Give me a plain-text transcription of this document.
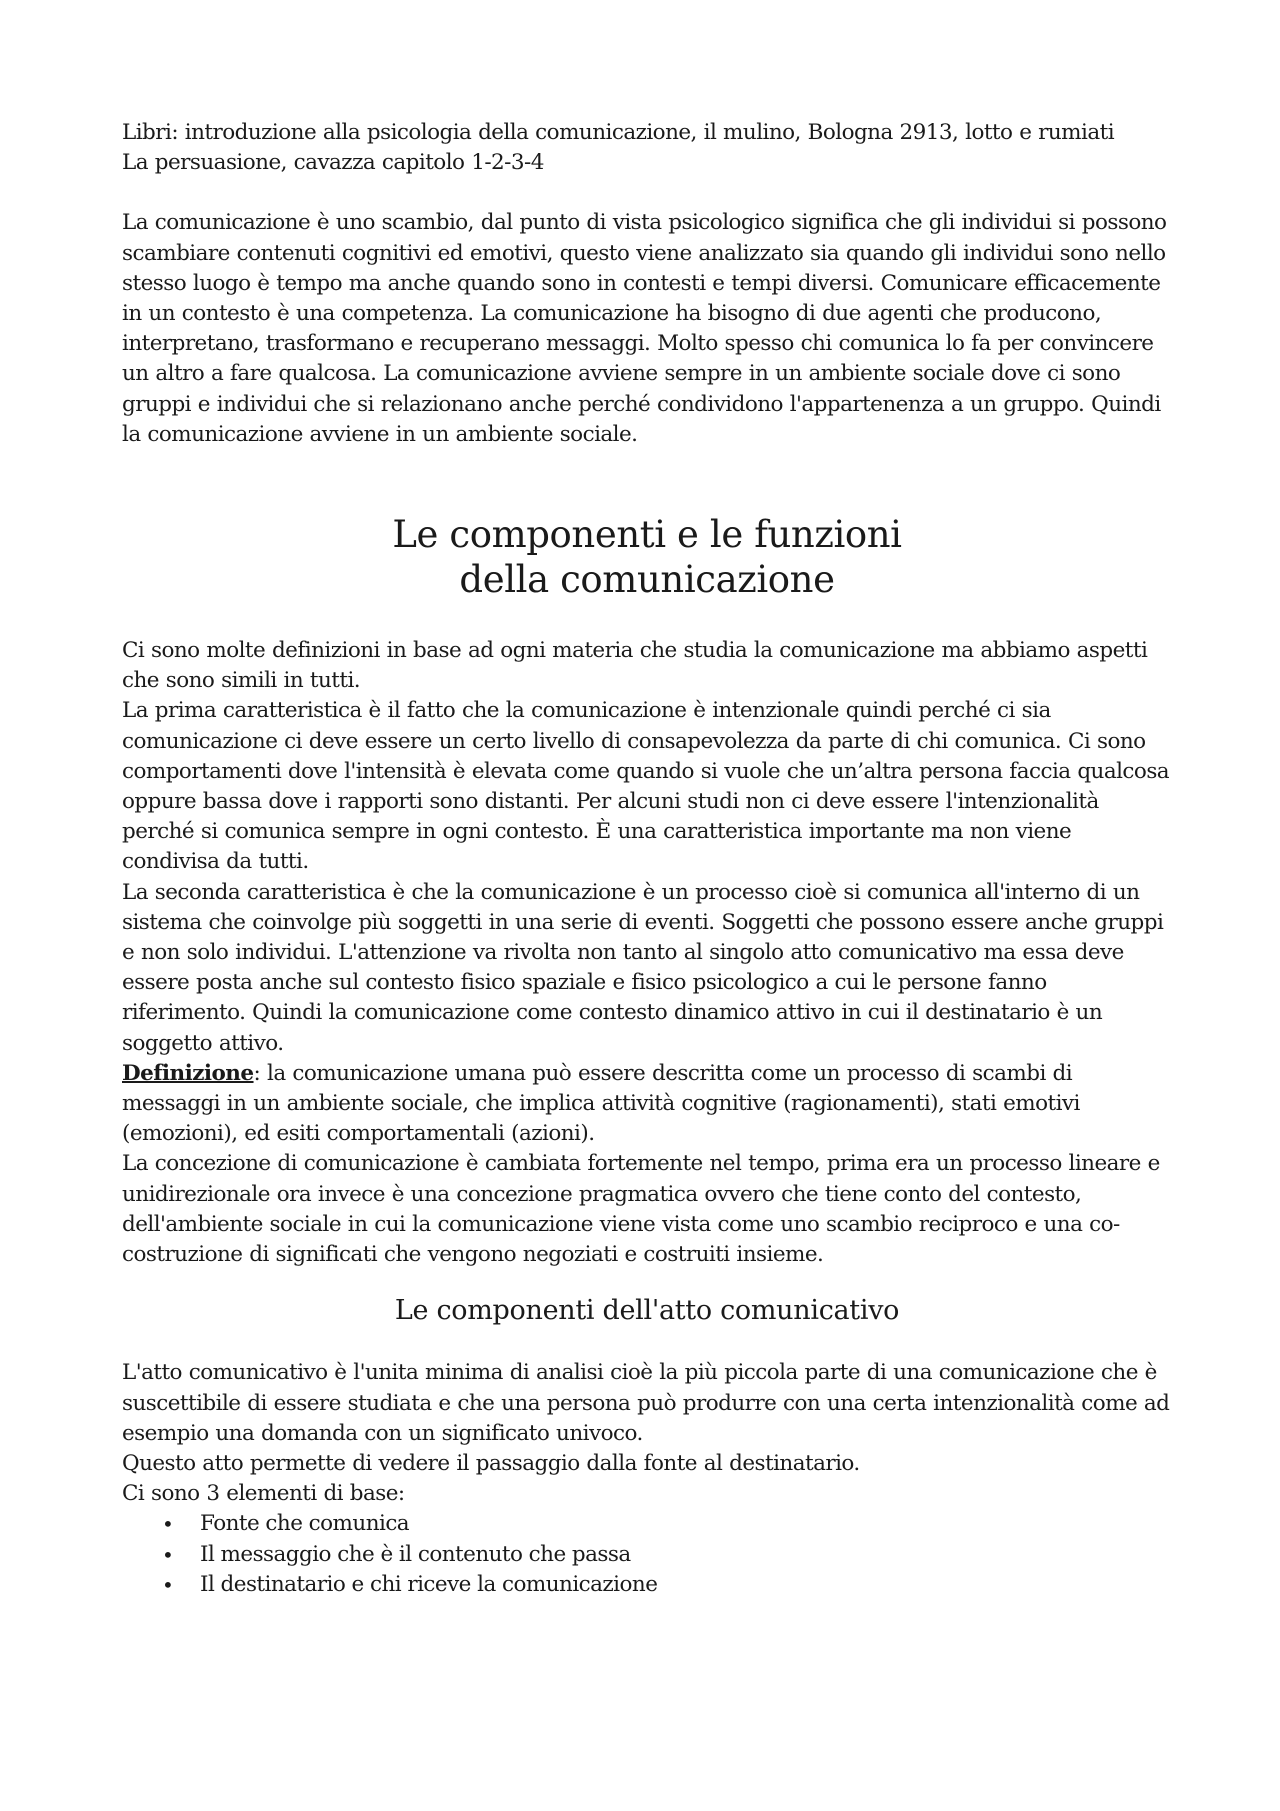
Libri: introduzione alla psicologia della comunicazione, il mulino, Bologna 2913, lotto e rumiati

La persuasione, cavazza capitolo 1-2-3-4

La comunicazione è uno scambio, dal punto di vista psicologico significa che gli individui si possono scambiare contenuti cognitivi ed emotivi, questo viene analizzato sia quando gli individui sono nello stesso luogo è tempo ma anche quando sono in contesti e tempi diversi. Comunicare efficacemente in un contesto è una competenza. La comunicazione ha bisogno di due agenti che producono, interpretano, trasformano e recuperano messaggi. Molto spesso chi comunica lo fa per convincere un altro a fare qualcosa. La comunicazione avviene sempre in un ambiente sociale dove ci sono gruppi e individui che si relazionano anche perché condividono l'appartenenza a un gruppo. Quindi la comunicazione avviene in un ambiente sociale.

Le componenti e le funzioni
della comunicazione

Ci sono molte definizioni in base ad ogni materia che studia la comunicazione ma abbiamo aspetti che sono simili in tutti.

La prima caratteristica è il fatto che la comunicazione è intenzionale quindi perché ci sia comunicazione ci deve essere un certo livello di consapevolezza da parte di chi comunica. Ci sono comportamenti dove l'intensità è elevata come quando si vuole che un’altra persona faccia qualcosa oppure bassa dove i rapporti sono distanti. Per alcuni studi non ci deve essere l'intenzionalità perché si comunica sempre in ogni contesto. È una caratteristica importante ma non viene condivisa da tutti.

La seconda caratteristica è che la comunicazione è un processo cioè si comunica all'interno di un sistema che coinvolge più soggetti in una serie di eventi. Soggetti che possono essere anche gruppi e non solo individui. L'attenzione va rivolta non tanto al singolo atto comunicativo ma essa deve essere posta anche sul contesto fisico spaziale e fisico psicologico a cui le persone fanno riferimento. Quindi la comunicazione come contesto dinamico attivo in cui il destinatario è un soggetto attivo.

Definizione: la comunicazione umana può essere descritta come un processo di scambi di messaggi in un ambiente sociale, che implica attività cognitive (ragionamenti), stati emotivi (emozioni), ed esiti comportamentali (azioni).

La concezione di comunicazione è cambiata fortemente nel tempo, prima era un processo lineare e unidirezionale ora invece è una concezione pragmatica ovvero che tiene conto del contesto, dell'ambiente sociale in cui la comunicazione viene vista come uno scambio reciproco e una co-costruzione di significati che vengono negoziati e costruiti insieme.

Le componenti dell'atto comunicativo

L'atto comunicativo è l'unita minima di analisi cioè la più piccola parte di una comunicazione che è suscettibile di essere studiata e che una persona può produrre con una certa intenzionalità come ad esempio una domanda con un significato univoco.

Questo atto permette di vedere il passaggio dalla fonte al destinatario.

Ci sono 3 elementi di base:

• Fonte che comunica
• Il messaggio che è il contenuto che passa
• Il destinatario e chi riceve la comunicazione
